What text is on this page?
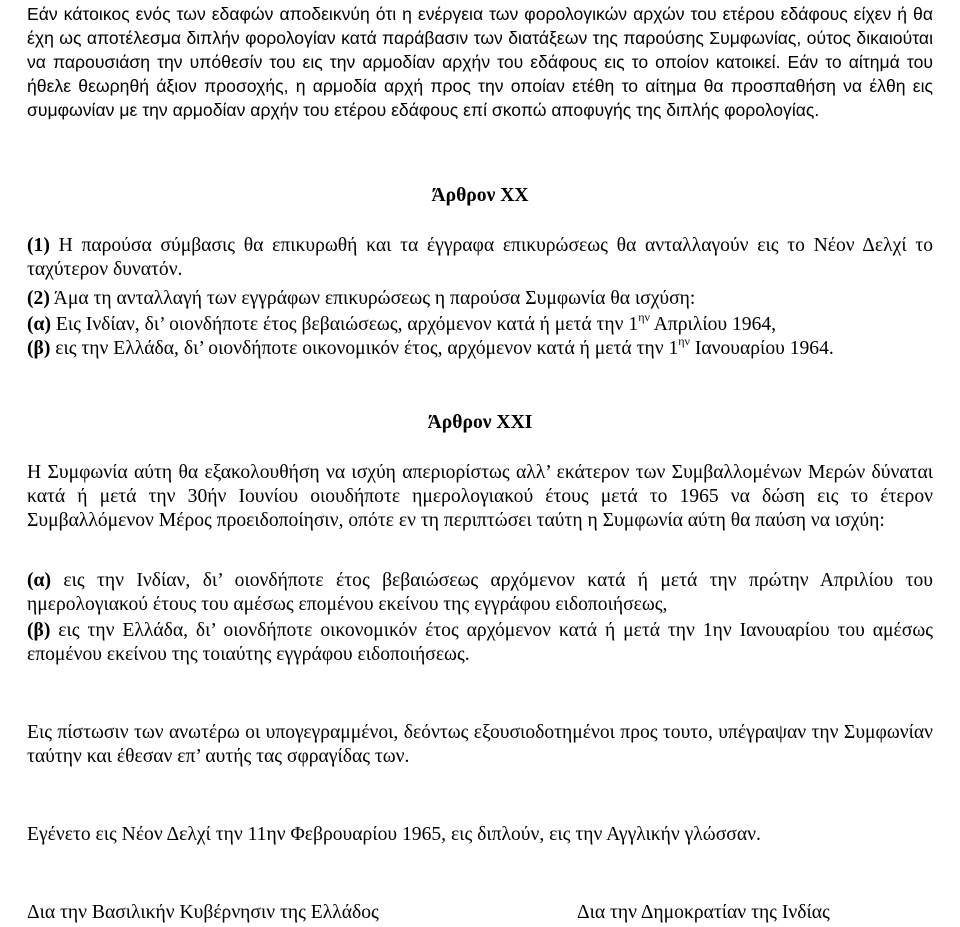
Εάν κάτοικος ενός των εδαφών αποδεικνύη ότι η ενέργεια των φορολογικών αρχών του ετέρου εδάφους είχεν ή θα έχη ως αποτέλεσμα διπλήν φορολογίαν κατά παράβασιν των διατάξεων της παρούσης Συμφωνίας, ούτος δικαιούται να παρουσιάση την υπόθεσίν του εις την αρμοδίαν αρχήν του εδάφους εις το οποίον κατοικεί. Εάν το αίτημά του ήθελε θεωρηθή άξιον προσοχής, η αρμοδία αρχή προς την οποίαν ετέθη το αίτημα θα προσπαθήση να έλθη εις συμφωνίαν με την αρμοδίαν αρχήν του ετέρου εδάφους επί σκοπώ αποφυγής της διπλής φορολογίας.

Άρθρον XX

(1) Η παρούσα σύμβασις θα επικυρωθή και τα έγγραφα επικυρώσεως θα ανταλλαγούν εις το Νέον Δελχί το ταχύτερον δυνατόν.

(2) Άμα τη ανταλλαγή των εγγράφων επικυρώσεως η παρούσα Συμφωνία θα ισχύση:

(α) Εις Ινδίαν, δι’ οιονδήποτε έτος βεβαιώσεως, αρχόμενον κατά ή μετά την $1^{\eta\nu}$ Απριλίου 1964,

(β) εις την Ελλάδα, δι’ οιονδήποτε οικονομικόν έτος, αρχόμενον κατά ή μετά την $1^{\eta\nu}$ Ιανουαρίου 1964.

Άρθρον XXI

Η Συμφωνία αύτη θα εξακολουθήση να ισχύη απεριορίστως αλλ’ εκάτερον των Συμβαλλομένων Μερών δύναται κατά ή μετά την 30ήν Ιουνίου οιουδήποτε ημερολογιακού έτους μετά το 1965 να δώση εις το έτερον Συμβαλλόμενον Μέρος προειδοποίησιν, οπότε εν τη περιπτώσει ταύτη η Συμφωνία αύτη θα παύση να ισχύη:

(α) εις την Ινδίαν, δι’ οιονδήποτε έτος βεβαιώσεως αρχόμενον κατά ή μετά την πρώτην Απριλίου του ημερολογιακού έτους του αμέσως επομένου εκείνου της εγγράφου ειδοποιήσεως,

(β) εις την Ελλάδα, δι’ οιονδήποτε οικονομικόν έτος αρχόμενον κατά ή μετά την 1ην Ιανουαρίου του αμέσως επομένου εκείνου της τοιαύτης εγγράφου ειδοποιήσεως.

Εις πίστωσιν των ανωτέρω οι υπογεγραμμένοι, δεόντως εξουσιοδοτημένοι προς τουτο, υπέγραψαν την Συμφωνίαν ταύτην και έθεσαν επ’ αυτής τας σφραγίδας των.

Εγένετο εις Νέον Δελχί την 11ην Φεβρουαρίου 1965, εις διπλούν, εις την Αγγλικήν γλώσσαν.

Δια την Βασιλικήν Κυβέρνησιν της Ελλάδος	Δια την Δημοκρατίαν της Ινδίας
